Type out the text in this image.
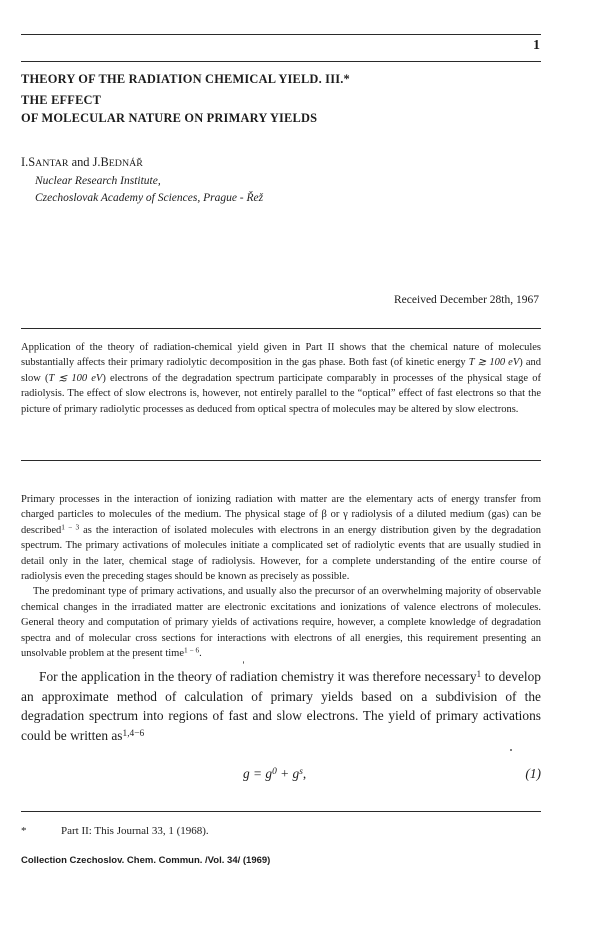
1
THEORY OF THE RADIATION CHEMICAL YIELD. III.*
THE EFFECT
OF MOLECULAR NATURE ON PRIMARY YIELDS
I.SANTAR and J.BEDNÁŘ
Nuclear Research Institute,
Czechoslovak Academy of Sciences, Prague - Řež
Received December 28th, 1967

Application of the theory of radiation-chemical yield given in Part II shows that the chemical nature of molecules substantially affects their primary radiolytic decomposition in the gas phase. Both fast (of kinetic energy T ≳ 100 eV) and slow (T ≲ 100 eV) electrons of the degradation spectrum participate comparably in processes of the physical stage of radiolysis. The effect of slow electrons is, however, not entirely parallel to the “optical” effect of fast electrons so that the picture of primary radiolytic processes as deduced from optical spectra of molecules may be altered by slow electrons.

Primary processes in the interaction of ionizing radiation with matter are the elementary acts of energy transfer from charged particles to molecules of the medium. The physical stage of β or γ radiolysis of a diluted medium (gas) can be described$^{1 - 3}$ as the interaction of isolated molecules with electrons in an energy distribution given by the degradation spectrum. The primary activations of molecules initiate a complicated set of radiolytic events that are usually studied in detail only in the later, chemical stage of radiolysis. However, for a complete understanding of the entire course of radiolysis even the preceding stages should be known as precisely as possible.

The predominant type of primary activations, and usually also the precursor of an overwhelming majority of observable chemical changes in the irradiated matter are electronic excitations and ionizations of valence electrons of molecules. General theory and computation of primary yields of activations require, however, a complete knowledge of degradation spectra and of molecular cross sections for interactions with electrons of all energies, this requirement presenting an unsolvable problem at the present time$^{1 - 6}$.

For the application in the theory of radiation chemistry it was therefore necessary$^1$ to develop an approximate method of calculation of primary yields based on a subdivision of the degradation spectrum into regions of fast and slow electrons. The yield of primary activations could be written $as^{1,4-6}$

$g = g^0 + g^s$,	(1)
*	Part II: This Journal 33, 1 (1968).
Collection Czechoslov. Chem. Commun. /Vol. 34/ (1969)
